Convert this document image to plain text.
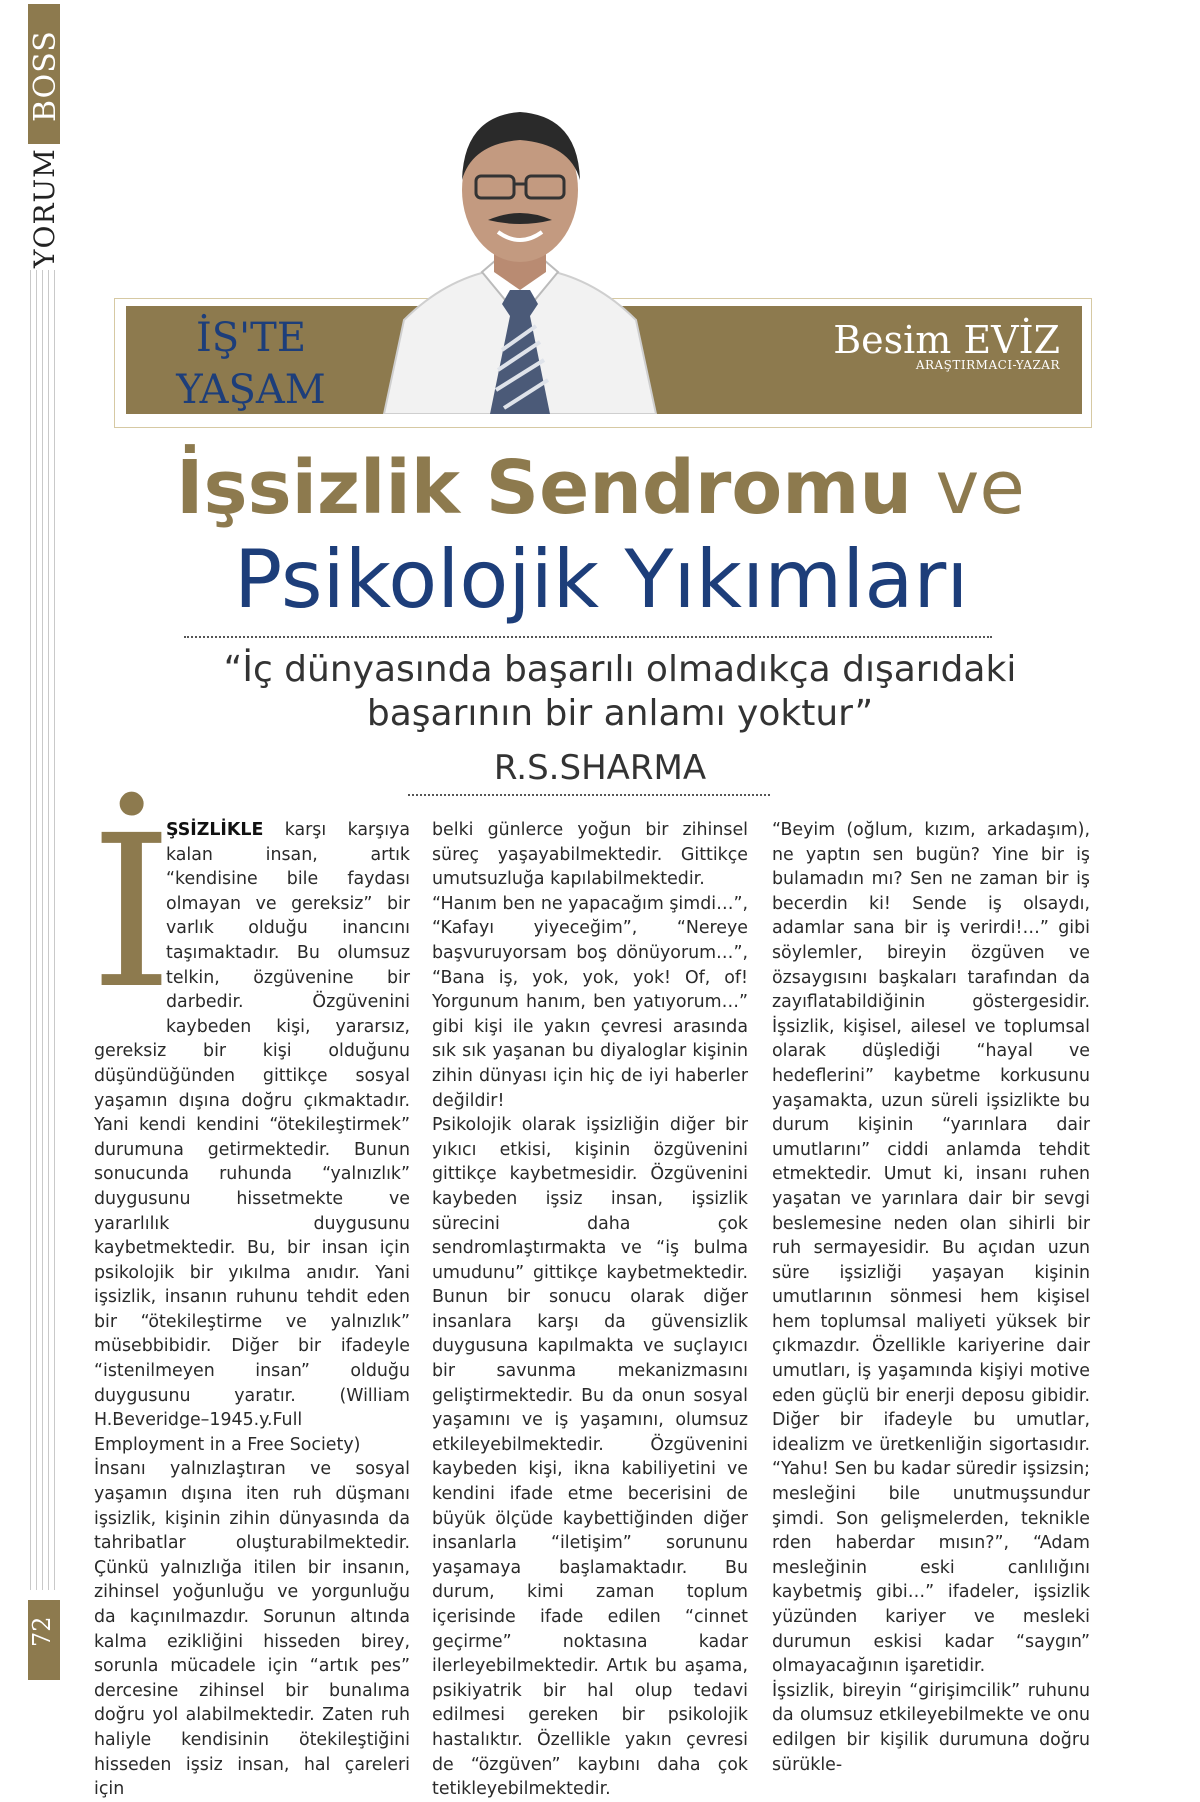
BOSS
YORUM
72
İŞ'TE
YAŞAM
Besim EVİZ
ARAŞTIRMACI-YAZAR
İşsizlik Sendromu ve
Psikolojik Yıkımları
“İç dünyasında başarılı olmadıkça dışarıdaki başarının bir anlamı yoktur”
R.S.SHARMA

İ
ŞSİZLİKLE karşı karşıya kalan insan, artık “kendisine bile faydası olmayan ve gereksiz” bir varlık olduğu inancını taşımaktadır. Bu olumsuz telkin, özgüvenine bir darbedir. Özgüvenini kaybeden kişi, yararsız, gereksiz bir kişi olduğunu düşündüğünden gittikçe sosyal yaşamın dışına doğru çıkmaktadır. Yani kendi kendini “ötekileştirmek” durumuna getirmektedir. Bunun sonucunda ruhunda “yalnızlık” duygusunu hissetmekte ve yararlılık duygusunu kaybetmektedir. Bu, bir insan için psikolojik bir yıkılma anıdır. Yani işsizlik, insanın ruhunu tehdit eden bir “ötekileştirme ve yalnızlık” müsebbibidir. Diğer bir ifadeyle “istenilmeyen insan” olduğu duygusunu yaratır. (William H.Beveridge–1945.y.Full Employment in a Free Society)

İnsanı yalnızlaştıran ve sosyal yaşamın dışına iten ruh düşmanı işsizlik, kişinin zihin dünyasında da tahribatlar oluşturabilmektedir. Çünkü yalnızlığa itilen bir insanın, zihinsel yoğunluğu ve yorgunluğu da kaçınılmazdır. Sorunun altında kalma ezikliğini hisseden birey, sorunla mücadele için “artık pes” dercesine zihinsel bir bunalıma doğru yol alabilmektedir. Zaten ruh haliyle kendisinin ötekileştiğini hisseden işsiz insan, hal çareleri için

belki günlerce yoğun bir zihinsel süreç yaşayabilmektedir. Gittikçe umutsuzluğa kapılabilmektedir.

“Hanım ben ne yapacağım şimdi…”, “Kafayı yiyeceğim”, “Nereye başvuruyorsam boş dönüyorum…”, “Bana iş, yok, yok, yok! Of, of! Yorgunum hanım, ben yatıyorum…” gibi kişi ile yakın çevresi arasında sık sık yaşanan bu diyaloglar kişinin zihin dünyası için hiç de iyi haberler değildir!

Psikolojik olarak işsizliğin diğer bir yıkıcı etkisi, kişinin özgüvenini gittikçe kaybetmesidir. Özgüvenini kaybeden işsiz insan, işsizlik sürecini daha çok sendromlaştırmakta ve “iş bulma umudunu” gittikçe kaybetmektedir. Bunun bir sonucu olarak diğer insanlara karşı da güvensizlik duygusuna kapılmakta ve suçlayıcı bir savunma mekanizmasını geliştirmektedir. Bu da onun sosyal yaşamını ve iş yaşamını, olumsuz etkileyebilmektedir. Özgüvenini kaybeden kişi, ikna kabiliyetini ve kendini ifade etme becerisini de büyük ölçüde kaybettiğinden diğer insanlarla “iletişim” sorununu yaşamaya başlamaktadır. Bu durum, kimi zaman toplum içerisinde ifade edilen “cinnet geçirme” noktasına kadar ilerleyebilmektedir. Artık bu aşama, psikiyatrik bir hal olup tedavi edilmesi gereken bir psikolojik hastalıktır. Özellikle yakın çevresi de “özgüven” kaybını daha çok tetikleyebilmektedir.

“Beyim (oğlum, kızım, arkadaşım), ne yaptın sen bugün? Yine bir iş bulamadın mı? Sen ne zaman bir iş becerdin ki! Sende iş olsaydı, adamlar sana bir iş verirdi!…” gibi söylemler, bireyin özgüven ve özsaygısını başkaları tarafından da zayıflatabildiğinin göstergesidir. İşsizlik, kişisel, ailesel ve toplumsal olarak düşlediği “hayal ve hedeflerini” kaybetme korkusunu yaşamakta, uzun süreli işsizlikte bu durum kişinin “yarınlara dair umutlarını” ciddi anlamda tehdit etmektedir. Umut ki, insanı ruhen yaşatan ve yarınlara dair bir sevgi beslemesine neden olan sihirli bir ruh sermayesidir. Bu açıdan uzun süre işsizliği yaşayan kişinin umutlarının sönmesi hem kişisel hem toplumsal maliyeti yüksek bir çıkmazdır. Özellikle kariyerine dair umutları, iş yaşamında kişiyi motive eden güçlü bir enerji deposu gibidir. Diğer bir ifadeyle bu umutlar, idealizm ve üretkenliğin sigortasıdır. “Yahu! Sen bu kadar süredir işsizsin; mesleğini bile unutmuşsundur şimdi. Son gelişmelerden, teknikle rden haberdar mısın?”, “Adam mesleğinin eski canlılığını kaybetmiş gibi…” ifadeler, işsizlik yüzünden kariyer ve mesleki durumun eskisi kadar “saygın” olmayacağının işaretidir.

İşsizlik, bireyin “girişimcilik” ruhunu da olumsuz etkileyebilmekte ve onu edilgen bir kişilik durumuna doğru sürükle-
